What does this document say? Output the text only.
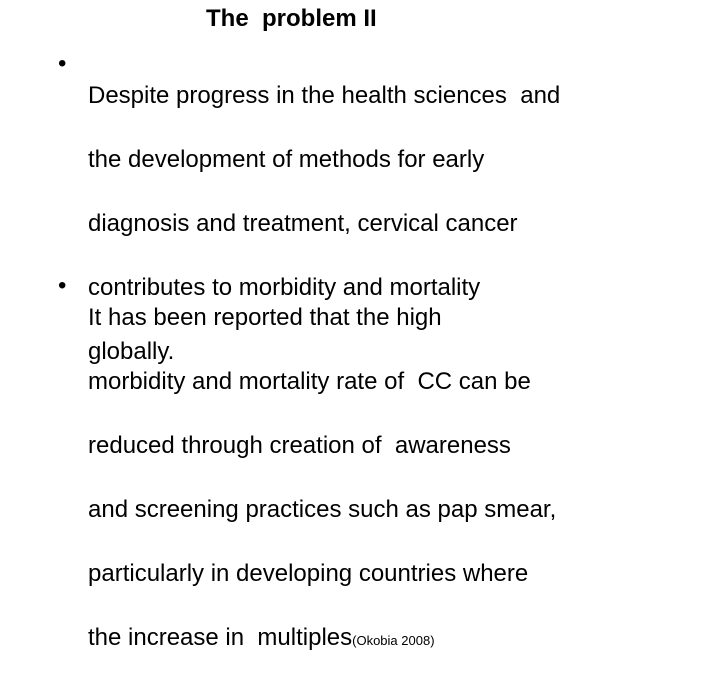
The  problem II
•

Despite progress in the health sciences  and

the development of methods for early

diagnosis and treatment, cervical cancer

contributes to morbidity and mortality

globally.

•

It has been reported that the high

morbidity and mortality rate of  CC can be

reduced through creation of  awareness

and screening practices such as pap smear,

particularly in developing countries where

the increase in  multiples(Okobia 2008)
